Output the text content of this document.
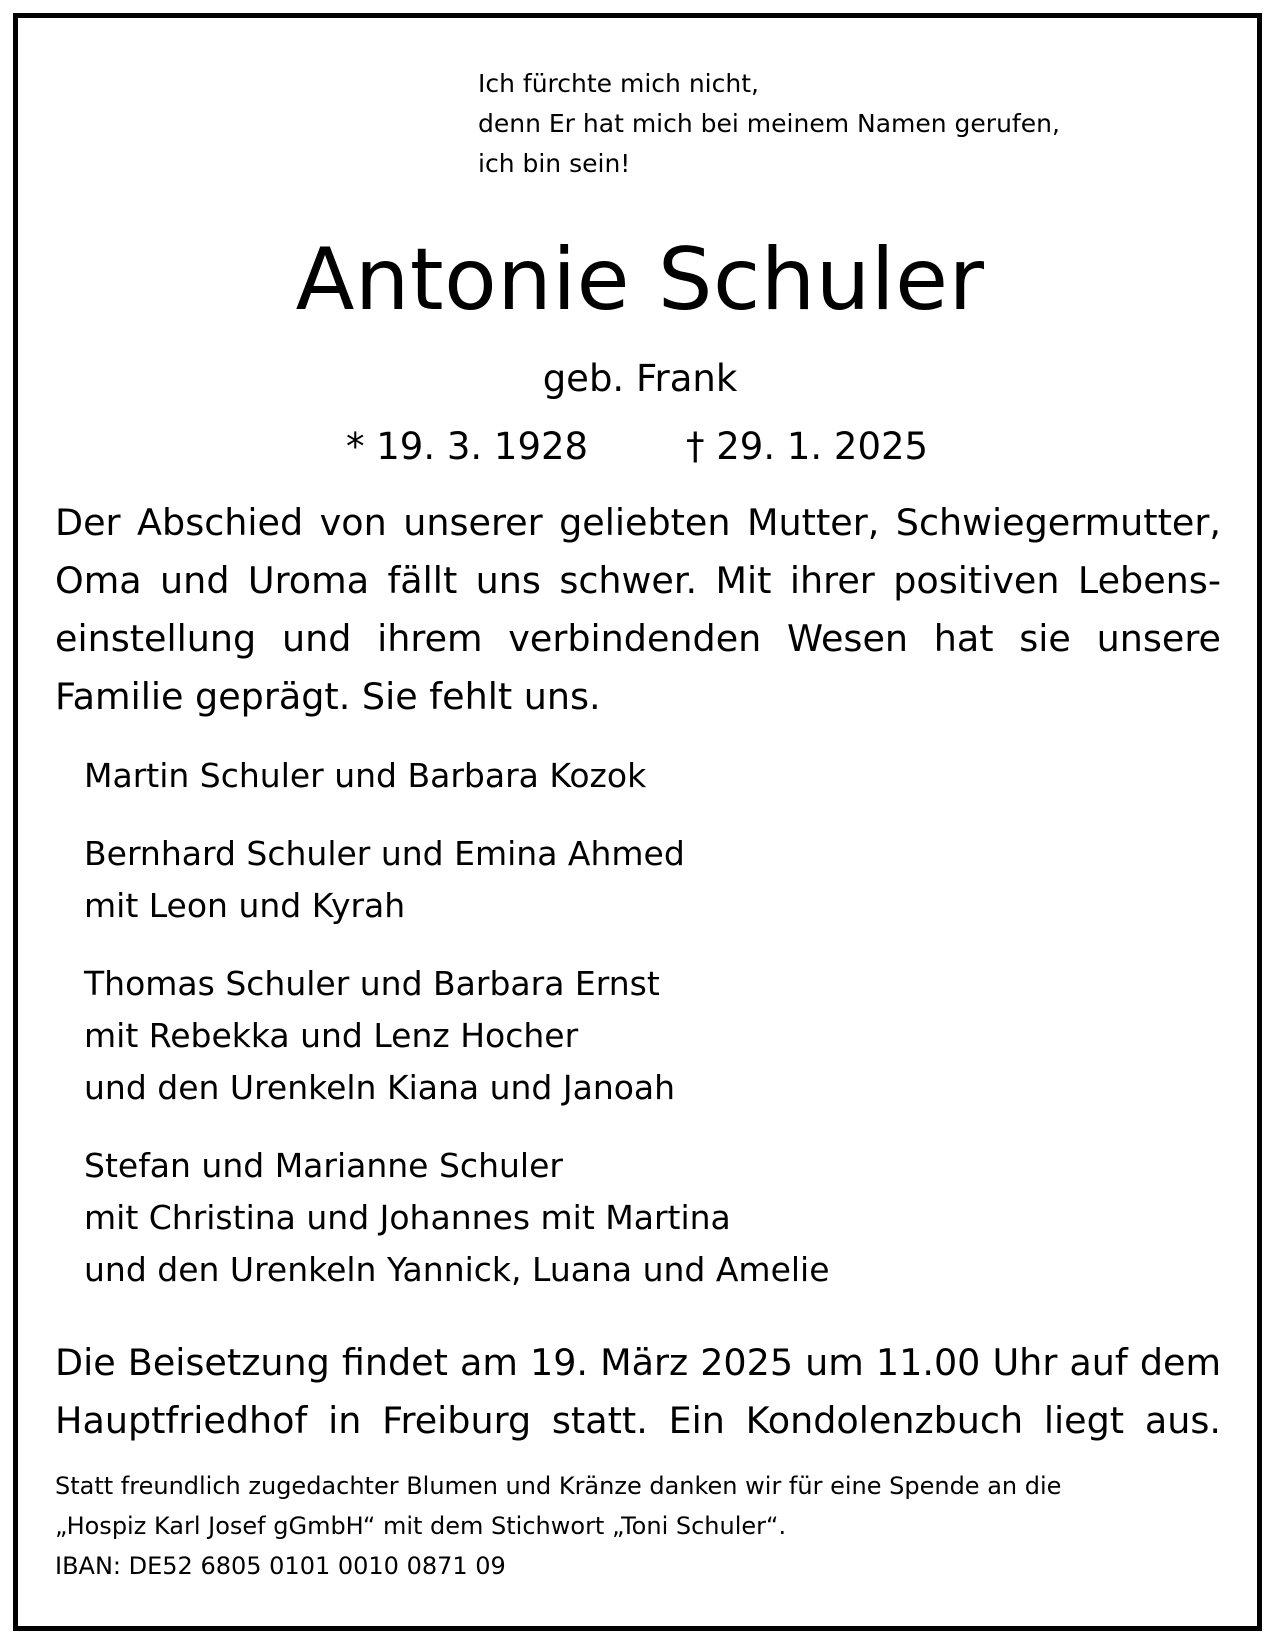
Ich fürchte mich nicht,
denn Er hat mich bei meinem Namen gerufen,
ich bin sein!
Antonie Schuler
geb. Frank
* 19. 3. 1928	† 29. 1. 2025
Der Abschied von unserer geliebten Mutter, Schwiegermutter,
Oma und Uroma fällt uns schwer. Mit ihrer positiven Lebens-
einstellung und ihrem verbindenden Wesen hat sie unsere
Familie geprägt. Sie fehlt uns.
Martin Schuler und Barbara Kozok
Bernhard Schuler und Emina Ahmed
mit Leon und Kyrah
Thomas Schuler und Barbara Ernst
mit Rebekka und Lenz Hocher
und den Urenkeln Kiana und Janoah
Stefan und Marianne Schuler
mit Christina und Johannes mit Martina
und den Urenkeln Yannick, Luana und Amelie
Die Beisetzung findet am 19. März 2025 um 11.00 Uhr auf dem
Hauptfriedhof in Freiburg statt. Ein Kondolenzbuch liegt aus.
Statt freundlich zugedachter Blumen und Kränze danken wir für eine Spende an die
„Hospiz Karl Josef gGmbH“ mit dem Stichwort „Toni Schuler“.
IBAN: DE52 6805 0101 0010 0871 09
